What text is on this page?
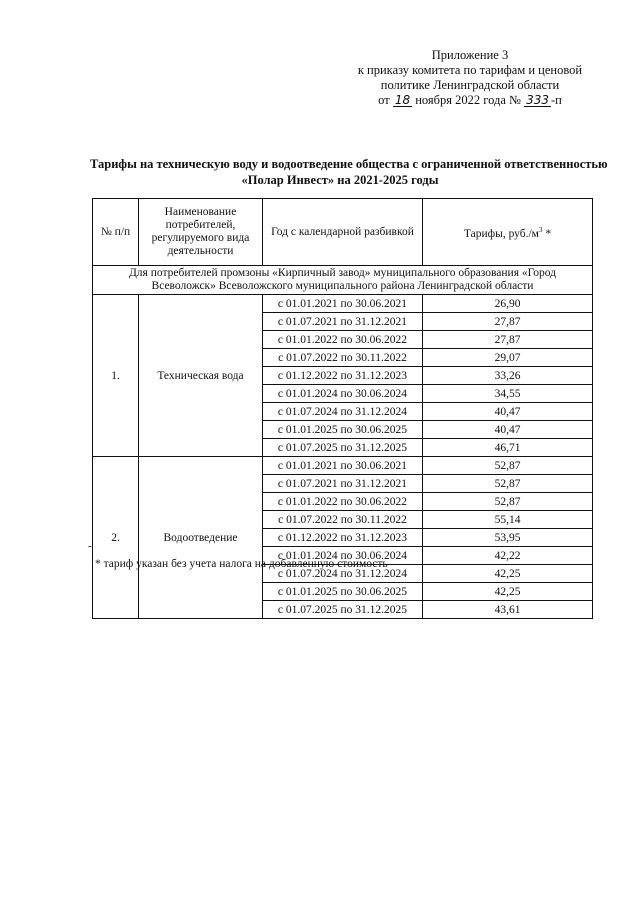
Приложение 3
к приказу комитета по тарифам и ценовой
политике Ленинградской области
от 18 ноября 2022 года № 333 -п
Тарифы на техническую воду и водоотведение общества с ограниченной ответственностью
«Полар Инвест» на 2021-2025 годы
№ п/п	Наименование потребителей, регулируемого вида деятельности	Год с календарной разбивкой	Тарифы, $руб./м^3$ *
Для потребителей промзоны «Кирпичный завод» муниципального образования «Город Всеволожск» Всеволожского муниципального района Ленинградской области			
1.	Техническая вода	с 01.01.2021 по 30.06.2021	26,90
		с 01.07.2021 по 31.12.2021	27,87
		с 01.01.2022 по 30.06.2022	27,87
		с 01.07.2022 по 30.11.2022	29,07
		с 01.12.2022 по 31.12.2023	33,26
		с 01.01.2024 по 30.06.2024	34,55
		с 01.07.2024 по 31.12.2024	40,47
		с 01.01.2025 по 30.06.2025	40,47
		с 01.07.2025 по 31.12.2025	46,71
2.	Водоотведение	с 01.01.2021 по 30.06.2021	52,87
		с 01.07.2021 по 31.12.2021	52,87
		с 01.01.2022 по 30.06.2022	52,87
		с 01.07.2022 по 30.11.2022	55,14
		с 01.12.2022 по 31.12.2023	53,95
		с 01.01.2024 по 30.06.2024	42,22
		с 01.07.2024 по 31.12.2024	42,25
		с 01.01.2025 по 30.06.2025	42,25
		с 01.07.2025 по 31.12.2025	43,61
-
* тариф указан без учета налога на добавленную стоимость
